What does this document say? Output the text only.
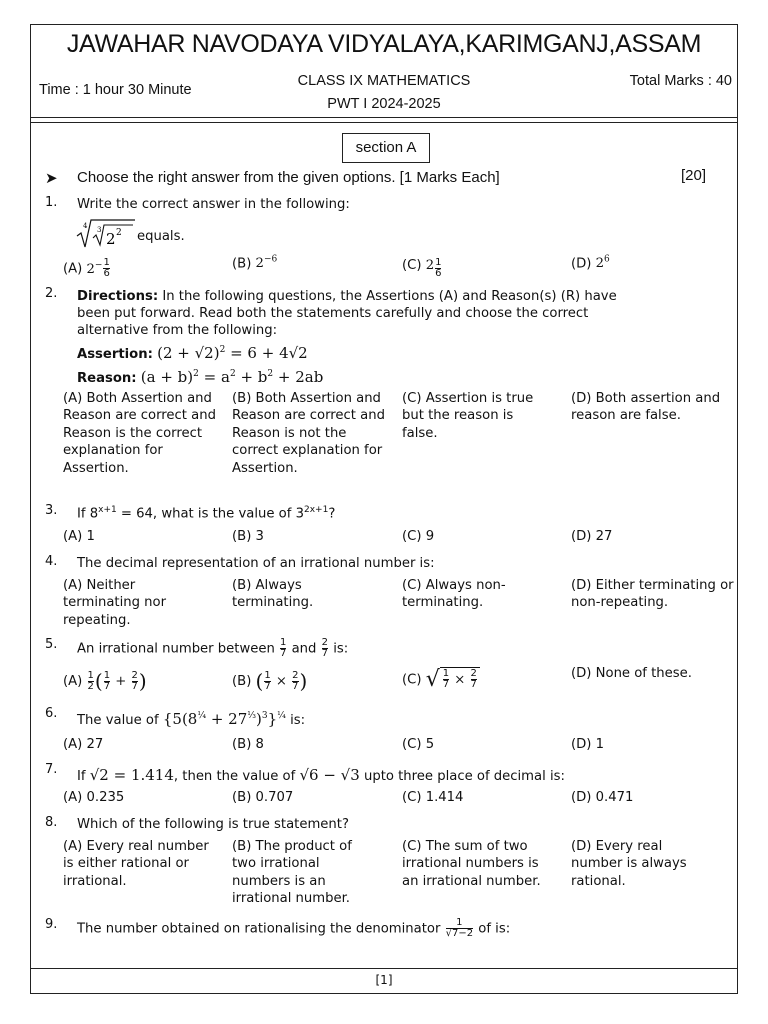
JAWAHAR NAVODAYA VIDYALAYA,KARIMGANJ,ASSAM
Time : 1 hour 30 Minute
CLASS IX MATHEMATICS
PWT I 2024-2025
Total Marks : 40
section A
➤ Choose the right answer from the given options. [1 Marks Each]	[20]
1. Write the correct answer in the following:
4 3 2 2 equals.
(A) $2^- \frac{1}{6}$	(B) $2^{-6}$	(C) $2 \frac{1}{6}$	(D) $2^6$
2. Directions: In the following questions, the Assertions (A) and Reason(s) (R) have been put forward. Read both the statements carefully and choose the correct alternative from the following:
Assertion: $(2 + √2)^2 = 6 + 4√2$
Reason: $(a + b)^2 = a^2 + b^2 + 2ab$
(A) Both Assertion and Reason are correct and Reason is the correct explanation for Assertion.
(B) Both Assertion and Reason are correct and Reason is not the correct explanation for Assertion.
(C) Assertion is true but the reason is false.
(D) Both assertion and reason are false.
3. If $8^{x+1} = 64$, what is the value of $3^{2x+1}$?
(A) 1	(B) 3	(C) 9	(D) 27
4. The decimal representation of an irrational number is:
(A) Neither terminating nor repeating.
(B) Always terminating.
(C) Always non-terminating.
(D) Either terminating or non-repeating.
5. An irrational number between $\frac{1}{7}$ and $\frac{2}{7}$ is:
$(A) \frac{1}{2}$ ( $\frac{1}{7} + \frac{2}{7}$ )	(B) ( $\frac{1}{7} \times \frac{2}{7}$ )	(C) √ $\frac{1}{7} \times \frac{2}{7}$	(D) None of these.
6. The value of $\{5(8^{\frac{1}{4}} + 27^{\frac{1}{3}})^3\}^{\frac{1}{4}}$ is:
(A) 27	(B) 8	(C) 5	(D) 1
7. If √2 = 1.414, then the value of √6 − √3 upto three place of decimal is:
(A) 0.235	(B) 0.707	(C) 1.414	(D) 0.471
8. Which of the following is true statement?
(A) Every real number is either rational or irrational.
(B) The product of two irrational numbers is an irrational number.
(C) The sum of two irrational numbers is an irrational number.
(D) Every real number is always rational.
9. The number obtained on rationalising the denominator $\frac{1}{√7-2}$ of is:
[1]
